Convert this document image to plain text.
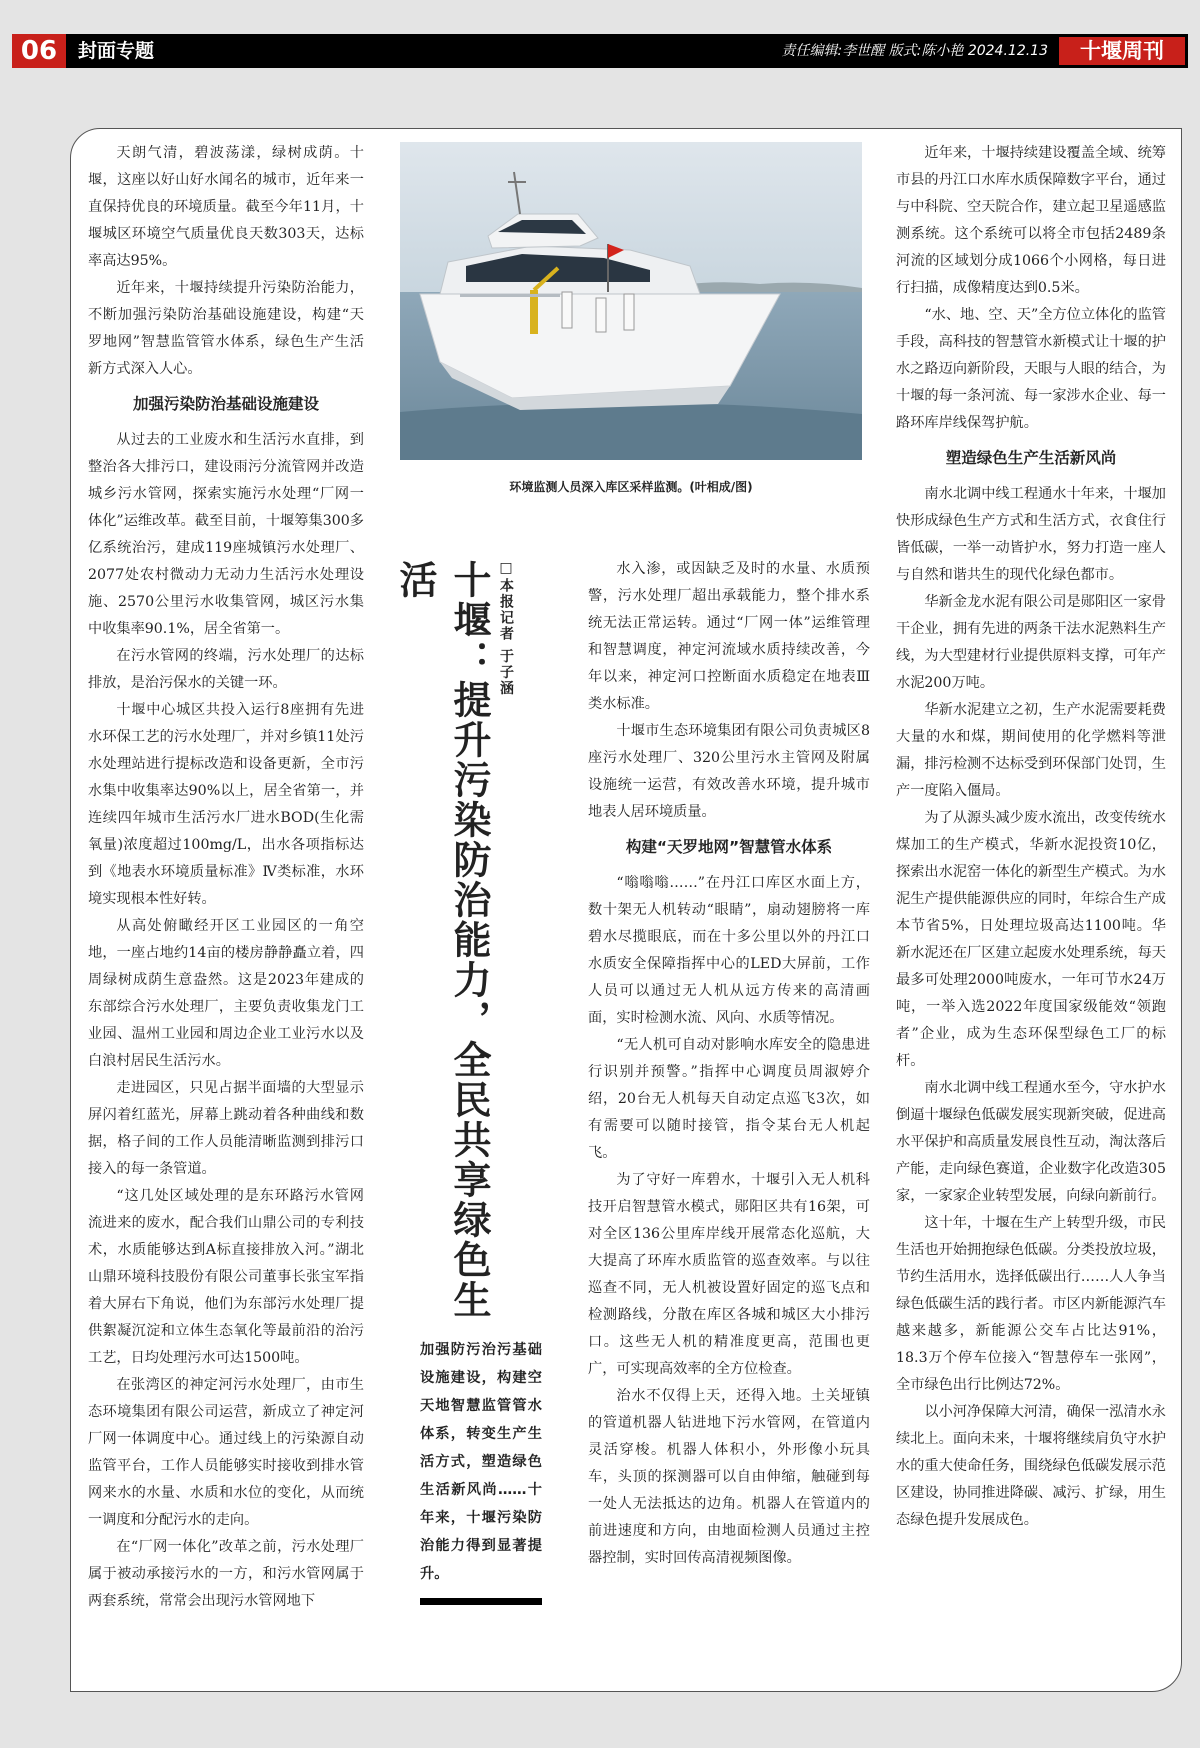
06	封面专题	责任编辑:李世醒 版式:陈小艳 2024.12.13	十堰周刊

天朗气清，碧波荡漾，绿树成荫。十堰，这座以好山好水闻名的城市，近年来一直保持优良的环境质量。截至今年11月，十堰城区环境空气质量优良天数303天，达标率高达95%。

近年来，十堰持续提升污染防治能力，不断加强污染防治基础设施建设，构建“天罗地网”智慧监管管水体系，绿色生产生活新方式深入人心。

加强污染防治基础设施建设

从过去的工业废水和生活污水直排，到整治各大排污口，建设雨污分流管网并改造城乡污水管网，探索实施污水处理“厂网一体化”运维改革。截至目前，十堰筹集300多亿系统治污，建成119座城镇污水处理厂、2077处农村微动力无动力生活污水处理设施、2570公里污水收集管网，城区污水集中收集率90.1%，居全省第一。

在污水管网的终端，污水处理厂的达标排放，是治污保水的关键一环。

十堰中心城区共投入运行8座拥有先进水环保工艺的污水处理厂，并对乡镇11处污水处理站进行提标改造和设备更新，全市污水集中收集率达90%以上，居全省第一，并连续四年城市生活污水厂进水BOD(生化需氧量)浓度超过100mg/L，出水各项指标达到《地表水环境质量标准》Ⅳ类标准，水环境实现根本性好转。

从高处俯瞰经开区工业园区的一角空地，一座占地约14亩的楼房静静矗立着，四周绿树成荫生意盎然。这是2023年建成的东部综合污水处理厂，主要负责收集龙门工业园、温州工业园和周边企业工业污水以及白浪村居民生活污水。

走进园区，只见占据半面墙的大型显示屏闪着红蓝光，屏幕上跳动着各种曲线和数据，格子间的工作人员能清晰监测到排污口接入的每一条管道。

“这几处区域处理的是东环路污水管网流进来的废水，配合我们山鼎公司的专利技术，水质能够达到A标直接排放入河。”湖北山鼎环境科技股份有限公司董事长张宝军指着大屏右下角说，他们为东部污水处理厂提供絮凝沉淀和立体生态氧化等最前沿的治污工艺，日均处理污水可达1500吨。

在张湾区的神定河污水处理厂，由市生态环境集团有限公司运营，新成立了神定河厂网一体调度中心。通过线上的污染源自动监管平台，工作人员能够实时接收到排水管网来水的水量、水质和水位的变化，从而统一调度和分配污水的走向。

在“厂网一体化”改革之前，污水处理厂属于被动承接污水的一方，和污水管网属于两套系统，常常会出现污水管网地下

环境监测人员深入库区采样监测。(叶相成/图)
十堰：提升污染防治能力，全民共享绿色生活	□本报记者 于子涵

加强防污治污基础设施建设，构建空天地智慧监管管水体系，转变生产生活方式，塑造绿色生活新风尚……十年来，十堰污染防治能力得到显著提升。

水入渗，或因缺乏及时的水量、水质预警，污水处理厂超出承载能力，整个排水系统无法正常运转。通过“厂网一体”运维管理和智慧调度，神定河流域水质持续改善，今年以来，神定河口控断面水质稳定在地表Ⅲ类水标准。

十堰市生态环境集团有限公司负责城区8座污水处理厂、320公里污水主管网及附属设施统一运营，有效改善水环境，提升城市地表人居环境质量。

构建“天罗地网”智慧管水体系

“嗡嗡嗡……”在丹江口库区水面上方，数十架无人机转动“眼睛”，扇动翅膀将一库碧水尽揽眼底，而在十多公里以外的丹江口水质安全保障指挥中心的LED大屏前，工作人员可以通过无人机从远方传来的高清画面，实时检测水流、风向、水质等情况。

“无人机可自动对影响水库安全的隐患进行识别并预警。”指挥中心调度员周淑婷介绍，20台无人机每天自动定点巡飞3次，如有需要可以随时接管，指令某台无人机起飞。

为了守好一库碧水，十堰引入无人机科技开启智慧管水模式，郧阳区共有16架，可对全区136公里库岸线开展常态化巡航，大大提高了环库水质监管的巡查效率。与以往巡查不同，无人机被设置好固定的巡飞点和检测路线，分散在库区各城和城区大小排污口。这些无人机的精准度更高，范围也更广，可实现高效率的全方位检查。

治水不仅得上天，还得入地。土关垭镇的管道机器人钻进地下污水管网，在管道内灵活穿梭。机器人体积小，外形像小玩具车，头顶的探测器可以自由伸缩，触碰到每一处人无法抵达的边角。机器人在管道内的前进速度和方向，由地面检测人员通过主控器控制，实时回传高清视频图像。

近年来，十堰持续建设覆盖全域、统筹市县的丹江口水库水质保障数字平台，通过与中科院、空天院合作，建立起卫星遥感监测系统。这个系统可以将全市包括2489条河流的区域划分成1066个小网格，每日进行扫描，成像精度达到0.5米。

“水、地、空、天”全方位立体化的监管手段，高科技的智慧管水新模式让十堰的护水之路迈向新阶段，天眼与人眼的结合，为十堰的每一条河流、每一家涉水企业、每一路环库岸线保驾护航。

塑造绿色生产生活新风尚

南水北调中线工程通水十年来，十堰加快形成绿色生产方式和生活方式，衣食住行皆低碳，一举一动皆护水，努力打造一座人与自然和谐共生的现代化绿色都市。

华新金龙水泥有限公司是郧阳区一家骨干企业，拥有先进的两条干法水泥熟料生产线，为大型建材行业提供原料支撑，可年产水泥200万吨。

华新水泥建立之初，生产水泥需要耗费大量的水和煤，期间使用的化学燃料等泄漏，排污检测不达标受到环保部门处罚，生产一度陷入僵局。

为了从源头减少废水流出，改变传统水煤加工的生产模式，华新水泥投资10亿，探索出水泥窑一体化的新型生产模式。为水泥生产提供能源供应的同时，年综合生产成本节省5%，日处理垃圾高达1100吨。华新水泥还在厂区建立起废水处理系统，每天最多可处理2000吨废水，一年可节水24万吨，一举入选2022年度国家级能效“领跑者”企业，成为生态环保型绿色工厂的标杆。

南水北调中线工程通水至今，守水护水倒逼十堰绿色低碳发展实现新突破，促进高水平保护和高质量发展良性互动，淘汰落后产能，走向绿色赛道，企业数字化改造305家，一家家企业转型发展，向绿向新前行。

这十年，十堰在生产上转型升级，市民生活也开始拥抱绿色低碳。分类投放垃圾，节约生活用水，选择低碳出行……人人争当绿色低碳生活的践行者。市区内新能源汽车越来越多，新能源公交车占比达91%，18.3万个停车位接入“智慧停车一张网”，全市绿色出行比例达72%。

以小河净保障大河清，确保一泓清水永续北上。面向未来，十堰将继续肩负守水护水的重大使命任务，围绕绿色低碳发展示范区建设，协同推进降碳、减污、扩绿，用生态绿色提升发展成色。
